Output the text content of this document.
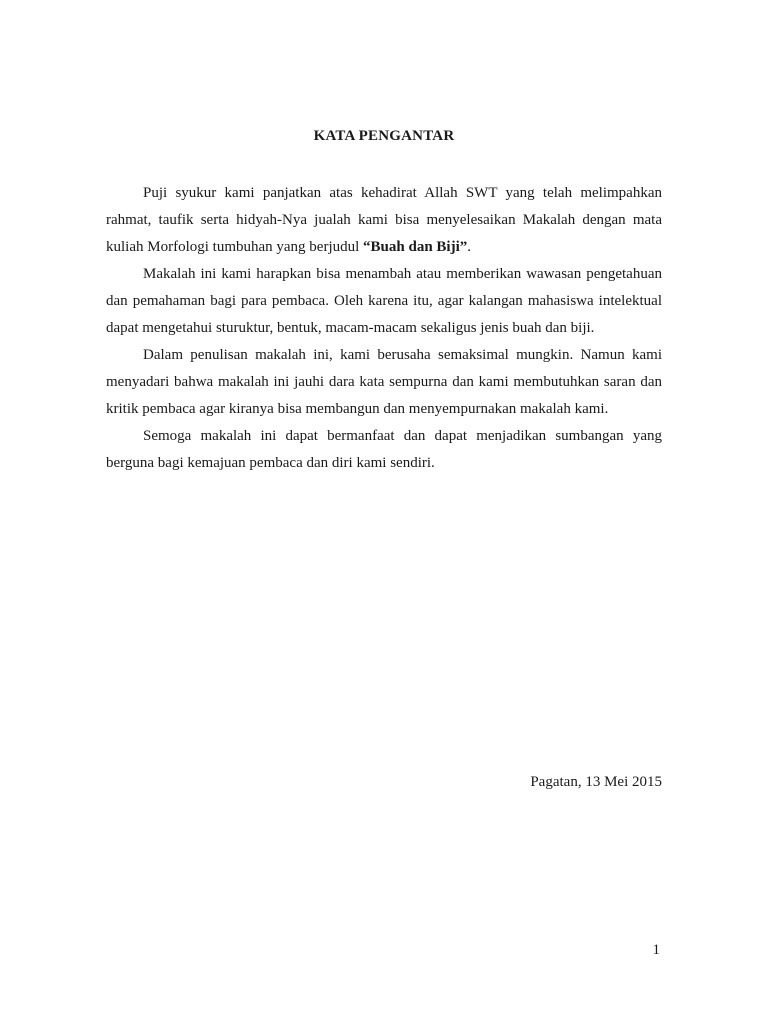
KATA PENGANTAR

Puji syukur kami panjatkan atas kehadirat Allah SWT yang telah melimpahkan rahmat, taufik serta hidyah-Nya jualah kami bisa menyelesaikan Makalah dengan mata kuliah Morfologi tumbuhan yang berjudul “Buah dan Biji”.

Makalah ini kami harapkan bisa menambah atau memberikan wawasan pengetahuan dan pemahaman bagi para pembaca. Oleh karena itu, agar kalangan mahasiswa intelektual dapat mengetahui sturuktur, bentuk, macam-macam sekaligus jenis buah dan biji.

Dalam penulisan makalah ini, kami berusaha semaksimal mungkin. Namun kami menyadari bahwa makalah ini jauhi dara kata sempurna dan kami membutuhkan saran dan kritik pembaca agar kiranya bisa membangun dan menyempurnakan makalah kami.

Semoga makalah ini dapat bermanfaat dan dapat menjadikan sumbangan yang berguna bagi kemajuan pembaca dan diri kami sendiri.

Pagatan, 13 Mei 2015

1
